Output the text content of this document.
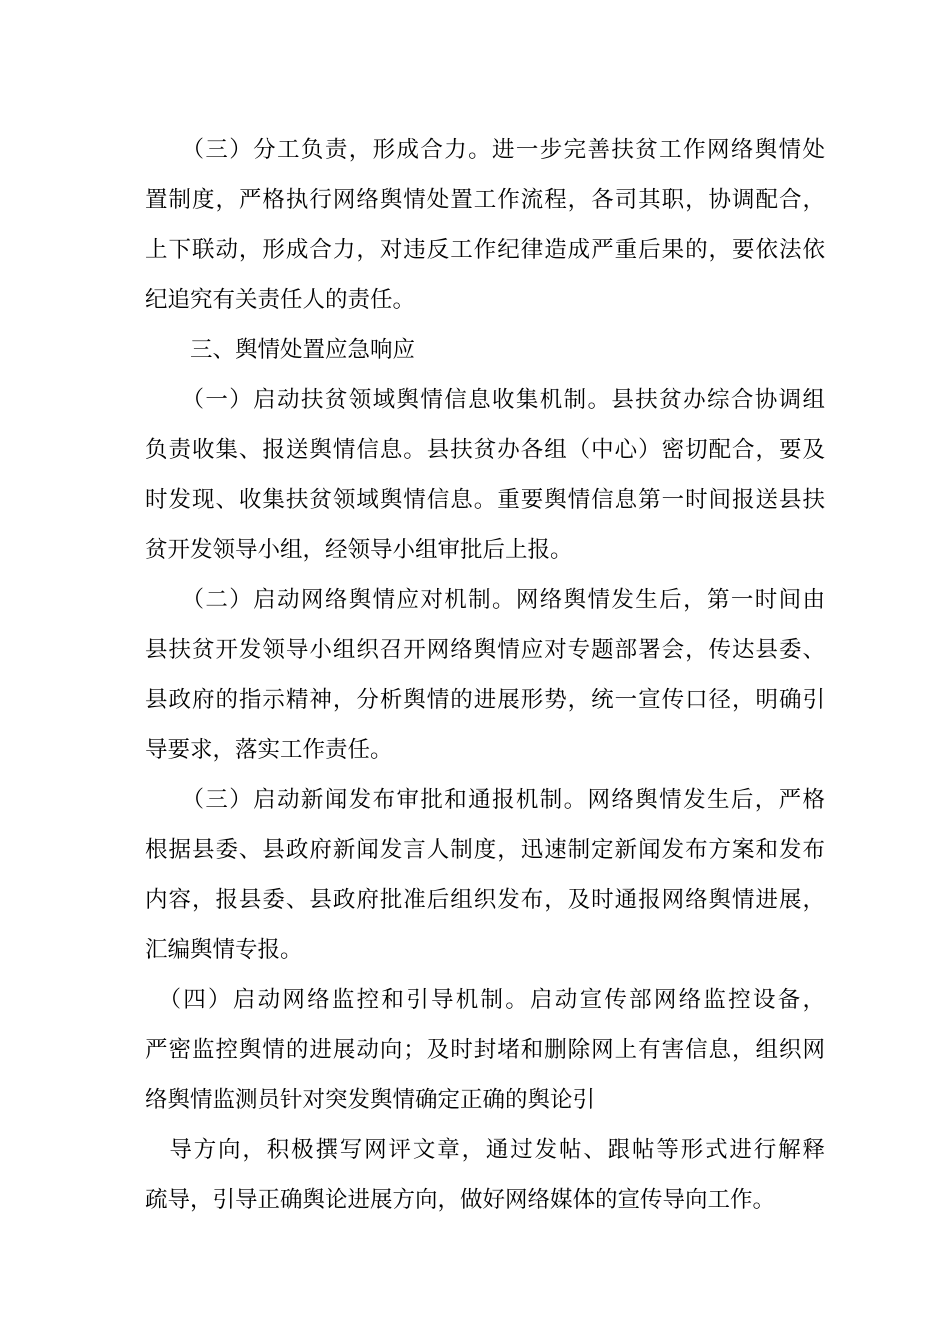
　　（三）分工负责，形成合力。进一步完善扶贫工作网络舆情处
置制度，严格执行网络舆情处置工作流程，各司其职，协调配合，
上下联动，形成合力，对违反工作纪律造成严重后果的，要依法依
纪追究有关责任人的责任。
　　三、舆情处置应急响应
　　（一）启动扶贫领域舆情信息收集机制。县扶贫办综合协调组
负责收集、报送舆情信息。县扶贫办各组（中心）密切配合，要及
时发现、收集扶贫领域舆情信息。重要舆情信息第一时间报送县扶
贫开发领导小组，经领导小组审批后上报。
　　（二）启动网络舆情应对机制。网络舆情发生后，第一时间由
县扶贫开发领导小组织召开网络舆情应对专题部署会，传达县委、
县政府的指示精神，分析舆情的进展形势，统一宣传口径，明确引
导要求，落实工作责任。
　　（三）启动新闻发布审批和通报机制。网络舆情发生后，严格
根据县委、县政府新闻发言人制度，迅速制定新闻发布方案和发布
内容，报县委、县政府批准后组织发布，及时通报网络舆情进展，
汇编舆情专报。
　（四）启动网络监控和引导机制。启动宣传部网络监控设备，
严密监控舆情的进展动向；及时封堵和删除网上有害信息，组织网
络舆情监测员针对突发舆情确定正确的舆论引
　导方向，积极撰写网评文章，通过发帖、跟帖等形式进行解释
疏导，引导正确舆论进展方向，做好网络媒体的宣传导向工作。
